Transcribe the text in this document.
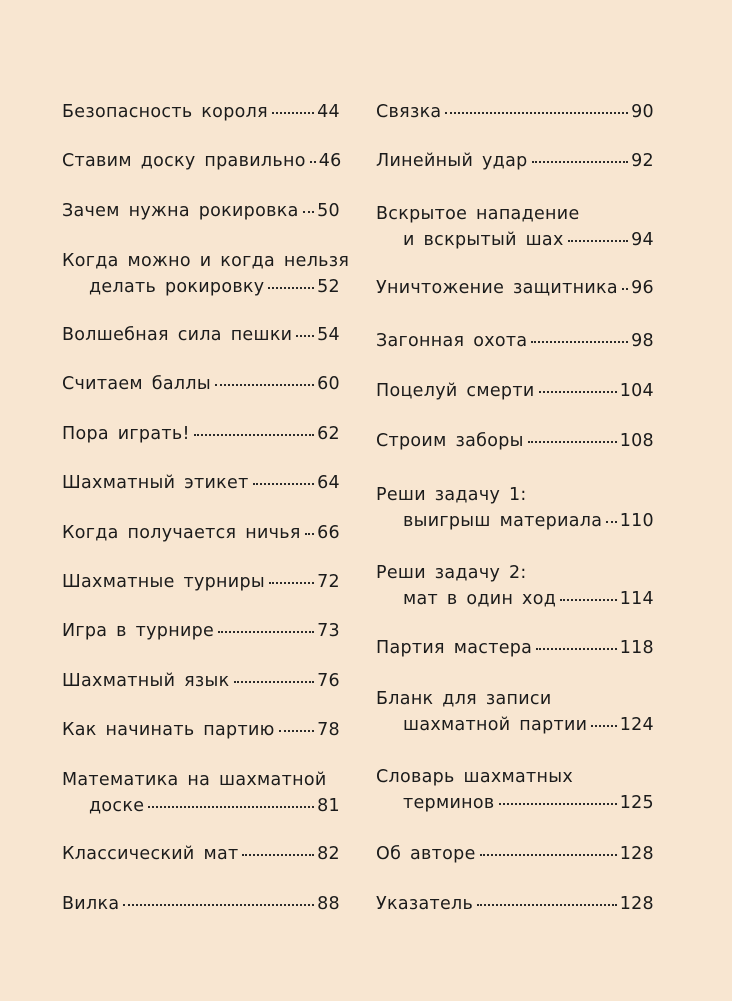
Безопасность короля	44
Ставим доску правильно 46
Зачем нужна рокировка 50
Когда можно и когда нельзя
делать рокировку	52
Волшебная сила пешки 54
Считаем баллы	60
Пора играть!	62
Шахматный этикет	64
Когда получается ничья 66
Шахматные турниры	72
Игра в турнире	73
Шахматный язык	76
Как начинать партию 78
Математика на шахматной
доске	81
Классический мат	82
Вилка	88
Связка	90
Линейный удар	92
Вскрытое нападение
и вскрытый шах	94
Уничтожение защитника 96
Загонная охота	98
Поцелуй смерти	104
Строим заборы	108
Реши задачу 1:
выигрыш материала 110
Реши задачу 2:
мат в один ход	114
Партия мастера	118
Бланк для записи
шахматной партии 124
Словарь шахматных
терминов	125
Об авторе	128
Указатель	128
